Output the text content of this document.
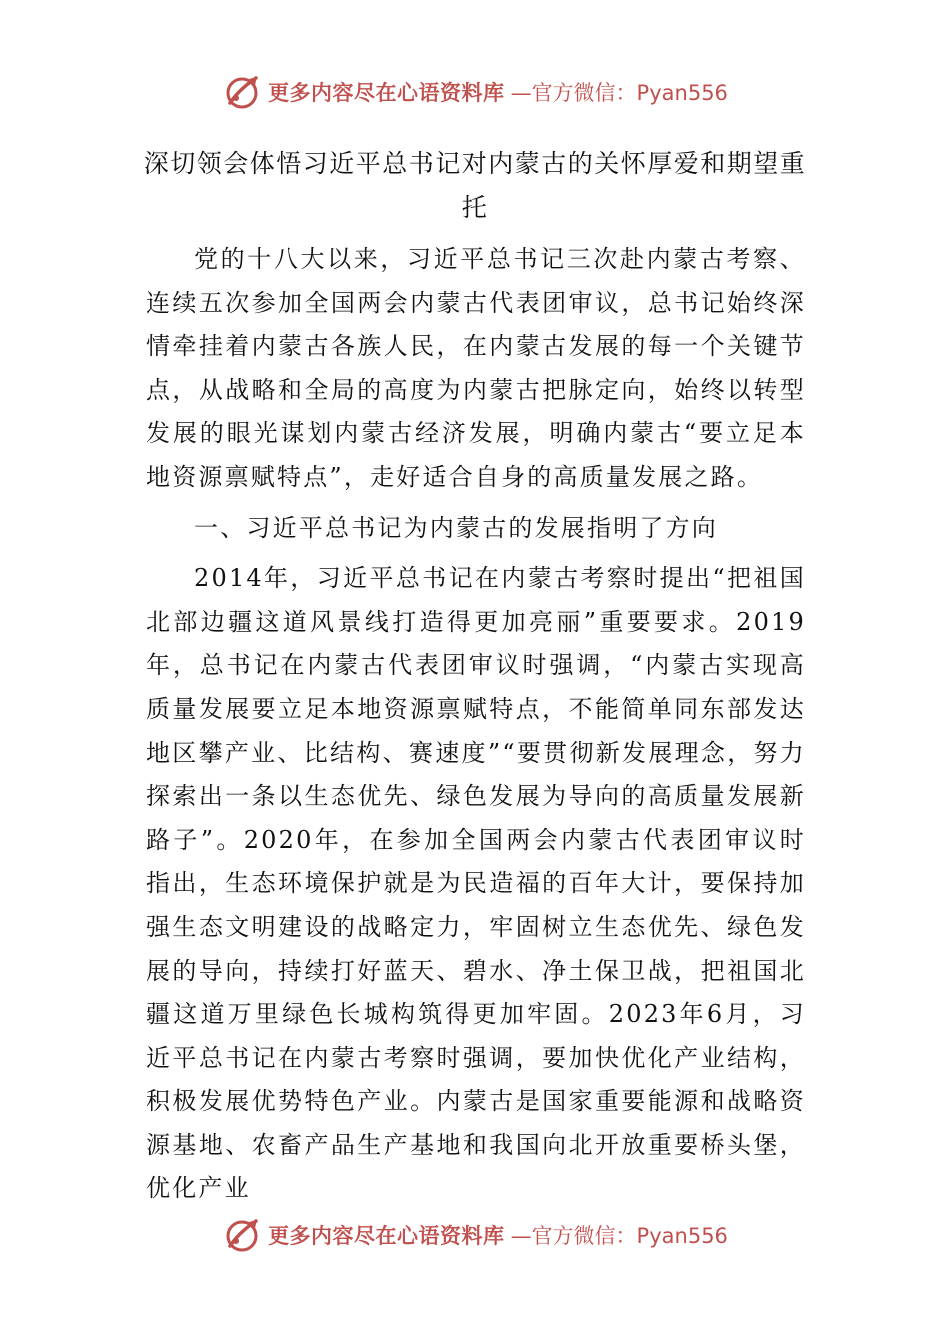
更多内容尽在心语资料库 —官方微信：Pyan556
深切领会体悟习近平总书记对内蒙古的关怀厚爱和期望重托

党的十八大以来，习近平总书记三次赴内蒙古考察、连续五次参加全国两会内蒙古代表团审议，总书记始终深情牵挂着内蒙古各族人民，在内蒙古发展的每一个关键节点，从战略和全局的高度为内蒙古把脉定向，始终以转型发展的眼光谋划内蒙古经济发展，明确内蒙古“要立足本地资源禀赋特点”，走好适合自身的高质量发展之路。

一、习近平总书记为内蒙古的发展指明了方向

2014年，习近平总书记在内蒙古考察时提出“把祖国北部边疆这道风景线打造得更加亮丽”重要要求。2019年，总书记在内蒙古代表团审议时强调，“内蒙古实现高质量发展要立足本地资源禀赋特点，不能简单同东部发达地区攀产业、比结构、赛速度”“要贯彻新发展理念，努力探索出一条以生态优先、绿色发展为导向的高质量发展新路子”。2020年，在参加全国两会内蒙古代表团审议时指出，生态环境保护就是为民造福的百年大计，要保持加强生态文明建设的战略定力，牢固树立生态优先、绿色发展的导向，持续打好蓝天、碧水、净土保卫战，把祖国北疆这道万里绿色长城构筑得更加牢固。2023年6月，习近平总书记在内蒙古考察时强调，要加快优化产业结构，积极发展优势特色产业。内蒙古是国家重要能源和战略资源基地、农畜产品生产基地和我国向北开放重要桥头堡，优化产业

更多内容尽在心语资料库 —官方微信：Pyan556
